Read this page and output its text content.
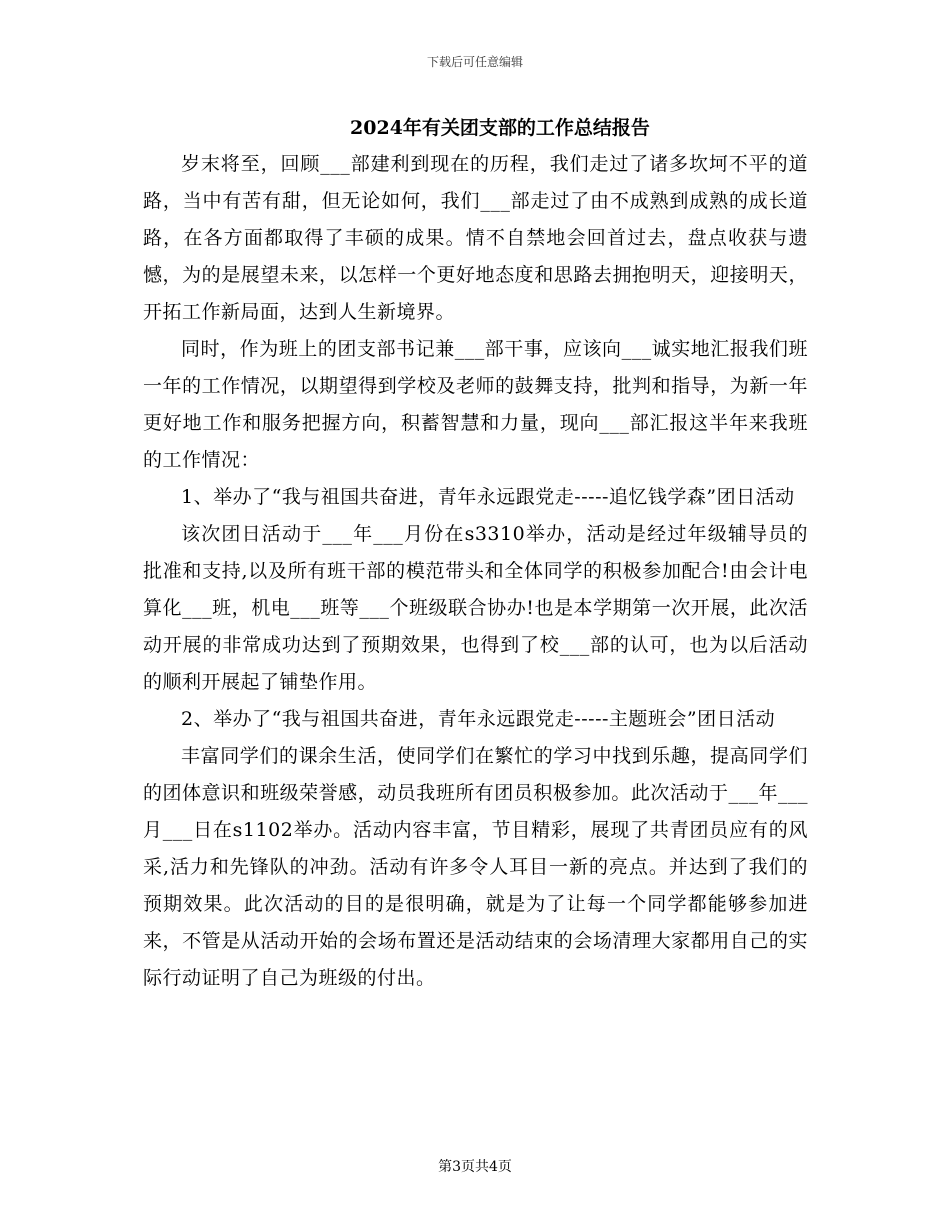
下载后可任意编辑
2024年有关团支部的工作总结报告

岁末将至，回顾___部建利到现在的历程，我们走过了诸多坎坷不平的道路，当中有苦有甜，但无论如何，我们___部走过了由不成熟到成熟的成长道路，在各方面都取得了丰硕的成果。情不自禁地会回首过去，盘点收获与遗憾，为的是展望未来，以怎样一个更好地态度和思路去拥抱明天，迎接明天，开拓工作新局面，达到人生新境界。

同时，作为班上的团支部书记兼___部干事，应该向___诚实地汇报我们班一年的工作情况，以期望得到学校及老师的鼓舞支持，批判和指导，为新一年更好地工作和服务把握方向，积蓄智慧和力量，现向___部汇报这半年来我班的工作情况：

1、举办了“我与祖国共奋进，青年永远跟党走-----追忆钱学森”团日活动

该次团日活动于___年___月份在s3310举办，活动是经过年级辅导员的批准和支持,以及所有班干部的模范带头和全体同学的积极参加配合!由会计电算化___班，机电___班等___个班级联合协办!也是本学期第一次开展，此次活动开展的非常成功达到了预期效果，也得到了校___部的认可，也为以后活动的顺利开展起了铺垫作用。

2、举办了“我与祖国共奋进，青年永远跟党走-----主题班会”团日活动

丰富同学们的课余生活，使同学们在繁忙的学习中找到乐趣，提高同学们的团体意识和班级荣誉感，动员我班所有团员积极参加。此次活动于___年___月___日在s1102举办。活动内容丰富，节目精彩，展现了共青团员应有的风采,活力和先锋队的冲劲。活动有许多令人耳目一新的亮点。并达到了我们的预期效果。此次活动的目的是很明确，就是为了让每一个同学都能够参加进来，不管是从活动开始的会场布置还是活动结束的会场清理大家都用自己的实际行动证明了自己为班级的付出。

第3页共4页
